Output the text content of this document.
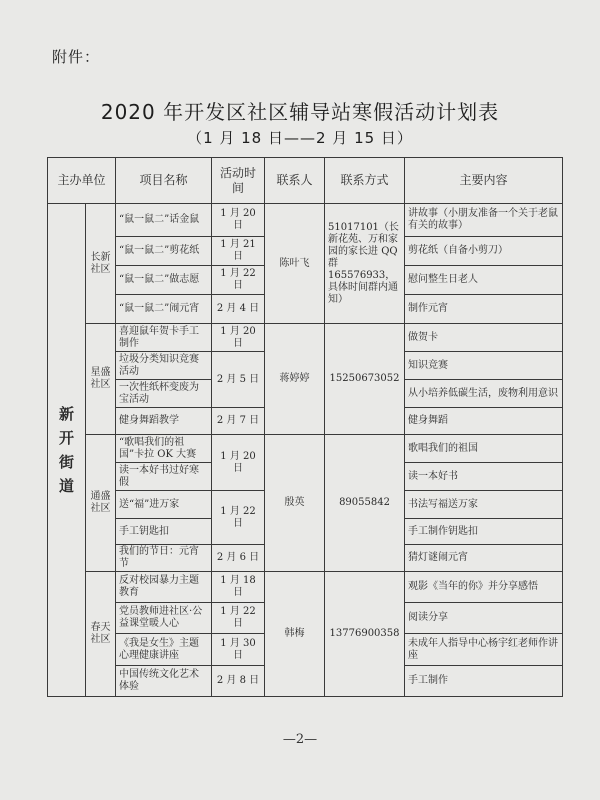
附件：
2020 年开发区社区辅导站寒假活动计划表
（1 月 18 日——2 月 15 日）
主办单位		项目名称	活动时间	联系人	联系方式	主要内容

新
开
街
道	长新社区	“鼠一鼠二”话金鼠	1 月 20 日	陈叶飞	51017101（长新花苑、万和家园的家长进 QQ 群 165576933，具体时间群内通知）	讲故事（小朋友准备一个关于老鼠有关的故事）
		“鼠一鼠二”剪花纸	1 月 21 日			剪花纸（自备小剪刀）
		“鼠一鼠二”做志愿	1 月 22 日			慰问整生日老人
		“鼠一鼠二”闹元宵	2 月 4 日			制作元宵
	星盛社区	喜迎鼠年贺卡手工制作	1 月 20 日	蒋婷婷	15250673052	做贺卡
		垃圾分类知识竞赛活动	2 月 5 日			知识竞赛
		一次性纸杯变废为宝活动				从小培养低碳生活，废物利用意识
		健身舞蹈教学	2 月 7 日			健身舞蹈
	通盛社区	“歌唱我们的祖国”卡拉 OK 大赛	1 月 20 日	殷英	89055842	歌唱我们的祖国
		读一本好书过好寒假				读一本好书
		送“福”进万家	1 月 22 日			书法写福送万家
		手工钥匙扣				手工制作钥匙扣
		我们的节日：元宵节	2 月 6 日			猜灯谜闹元宵
	春天社区	反对校园暴力主题教育	1 月 18 日	韩梅	13776900358	观影《当年的你》并分享感悟
		党员教师进社区·公益课堂暖人心	1 月 22 日			阅读分享
		《我是女生》主题心理健康讲座	1 月 30 日			未成年人指导中心杨宇红老师作讲座
		中国传统文化艺术体验	2 月 8 日			手工制作
—2—
